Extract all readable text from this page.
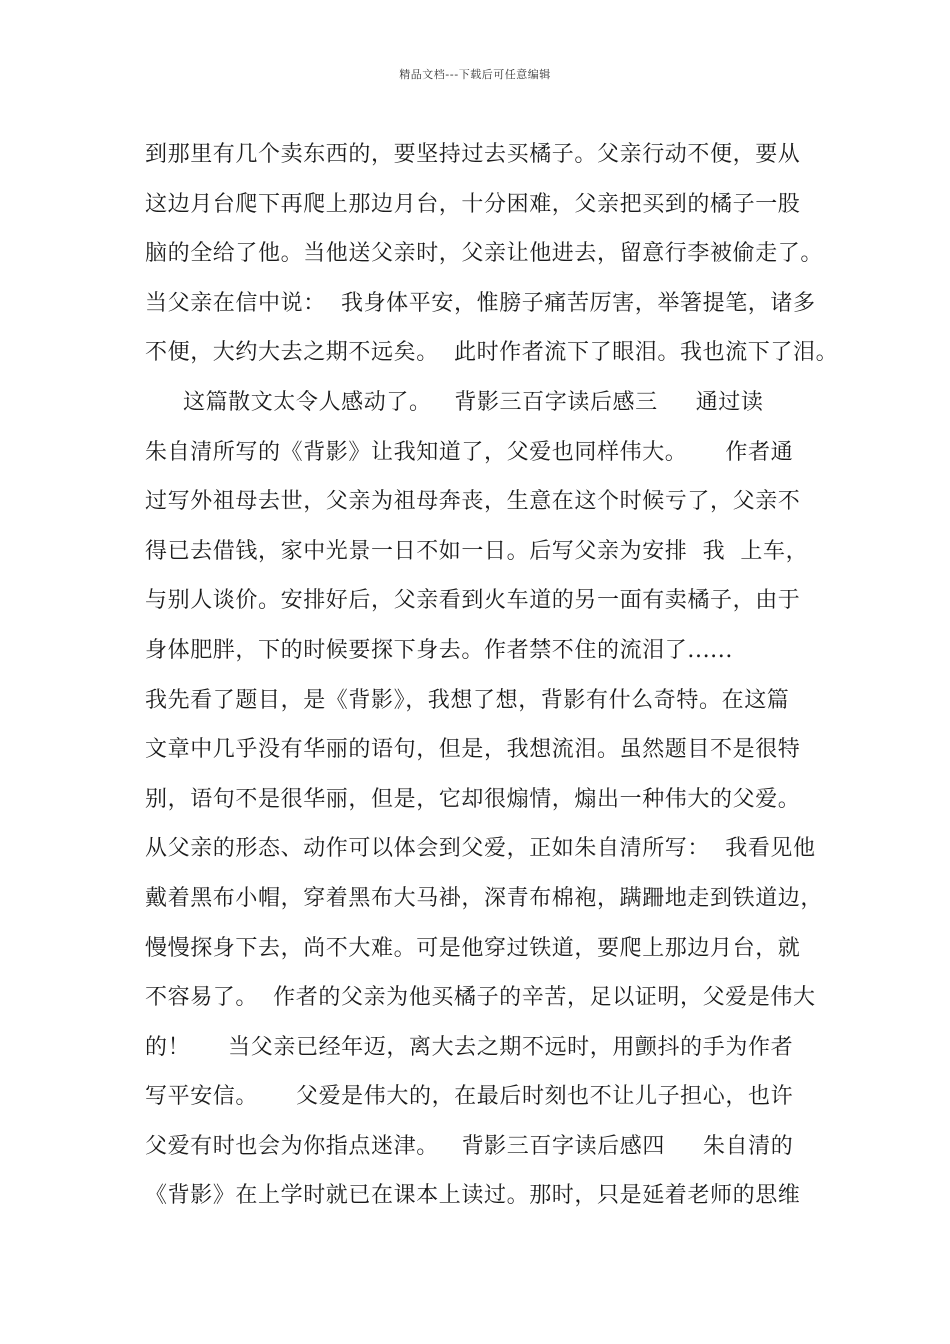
精品文档---下载后可任意编辑
到那里有几个卖东西的，要坚持过去买橘子。父亲行动不便，要从
这边月台爬下再爬上那边月台，十分困难，父亲把买到的橘子一股
脑的全给了他。当他送父亲时，父亲让他进去，留意行李被偷走了。
当父亲在信中说：  我身体平安，惟膀子痛苦厉害，举箸提笔，诸多
不便，大约大去之期不远矣。  此时作者流下了眼泪。我也流下了泪。
这篇散文太令人感动了。   背影三百字读后感三     通过读
朱自清所写的《背影》让我知道了，父爱也同样伟大。     作者通
过写外祖母去世，父亲为祖母奔丧，生意在这个时候亏了，父亲不
得已去借钱，家中光景一日不如一日。后写父亲为安排  我  上车，
与别人谈价。安排好后，父亲看到火车道的另一面有卖橘子，由于
身体肥胖，下的时候要探下身去。作者禁不住的流泪了......
我先看了题目，是《背影》，我想了想，背影有什么奇特。在这篇
文章中几乎没有华丽的语句，但是，我想流泪。虽然题目不是很特
别，语句不是很华丽，但是，它却很煽情，煽出一种伟大的父爱。
从父亲的形态、动作可以体会到父爱，正如朱自清所写：  我看见他
戴着黑布小帽，穿着黑布大马褂，深青布棉袍，蹒跚地走到铁道边，
慢慢探身下去，尚不大难。可是他穿过铁道，要爬上那边月台，就
不容易了。  作者的父亲为他买橘子的辛苦，足以证明，父爱是伟大
的！     当父亲已经年迈，离大去之期不远时，用颤抖的手为作者
写平安信。     父爱是伟大的，在最后时刻也不让儿子担心，也许
父爱有时也会为你指点迷津。   背影三百字读后感四     朱自清的
《背影》在上学时就已在课本上读过。那时，只是延着老师的思维
